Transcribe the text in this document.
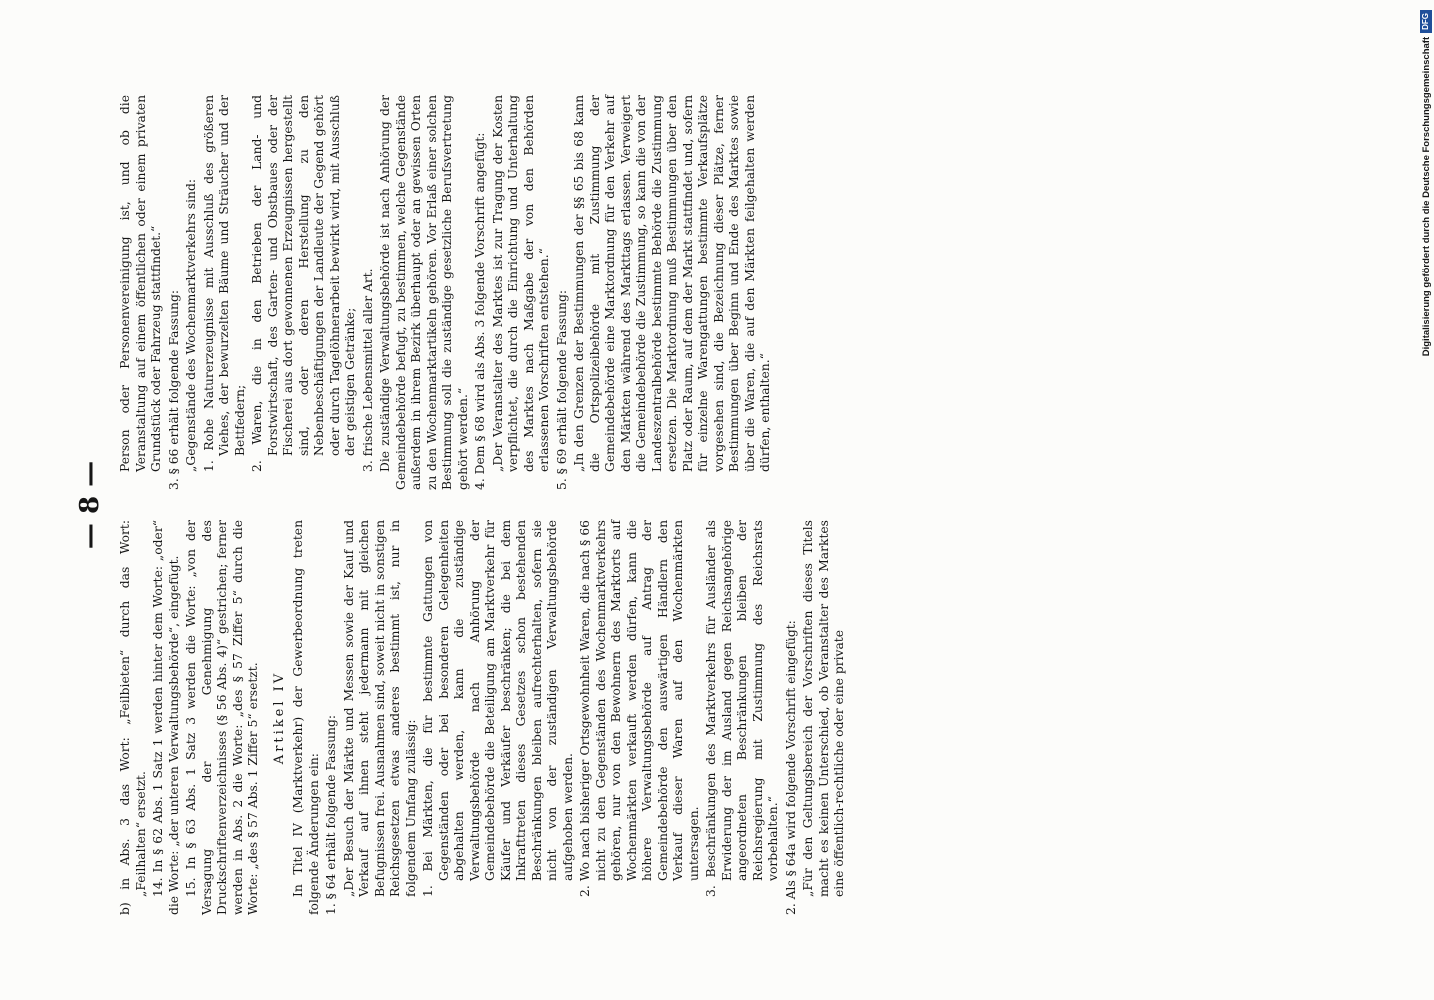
— 8 —

b) in Abs. 3 das Wort: „Feilbieten“ durch das Wort: „Feilhalten“ ersetzt. 14. In § 62 Abs. 1 Satz 1 werden hinter dem Worte: „oder“ die Worte: „der unteren Verwaltungsbehörde“, eingefügt. 15. In § 63 Abs. 1 Satz 3 werden die Worte: „von der Versagung der Genehmigung des Druckschriftenverzeichnisses (§ 56 Abs. 4)“ gestrichen; ferner werden in Abs. 2 die Worte: „des § 57 Ziffer 5“ durch die Worte: „des § 57 Abs. 1 Ziffer 5“ ersetzt. Artikel IV In Titel IV (Marktverkehr) der Gewerbeordnung treten folgende Änderungen ein: 1. § 64 erhält folgende Fassung: „Der Besuch der Märkte und Messen sowie der Kauf und Verkauf auf ihnen steht jedermann mit gleichen Befugnissen frei. Ausnahmen sind, soweit nicht in sonstigen Reichsgesetzen etwas anderes bestimmt ist, nur in folgendem Umfang zulässig: 1. Bei Märkten, die für bestimmte Gattungen von Gegenständen oder bei besonderen Gelegenheiten abgehalten werden, kann die zuständige Verwaltungsbehörde nach Anhörung der Gemeindebehörde die Beteiligung am Marktverkehr für Käufer und Verkäufer beschränken; die bei dem Inkrafttreten dieses Gesetzes schon bestehenden Beschränkungen bleiben aufrechterhalten, sofern sie nicht von der zuständigen Verwaltungsbehörde aufgehoben werden. 2. Wo nach bisheriger Ortsgewohnheit Waren, die nach § 66 nicht zu den Gegenständen des Wochenmarktverkehrs gehören, nur von den Bewohnern des Marktorts auf Wochenmärkten verkauft werden dürfen, kann die höhere Verwaltungsbehörde auf Antrag der Gemeindebehörde den auswärtigen Händlern den Verkauf dieser Waren auf den Wochenmärkten untersagen. 3. Beschränkungen des Marktverkehrs für Ausländer als Erwiderung der im Ausland gegen Reichsangehörige angeordneten Beschränkungen bleiben der Reichsregierung mit Zustimmung des Reichsrats vorbehalten.“ 2. Als § 64a wird folgende Vorschrift eingefügt: „Für den Geltungsbereich der Vorschriften dieses Titels macht es keinen Unterschied, ob Veranstalter des Marktes eine öffentlich-rechtliche oder eine private

Person oder Personenvereinigung ist, und ob die Veranstaltung auf einem öffentlichen oder einem privaten Grundstück oder Fahrzeug stattfindet.“ 3. § 66 erhält folgende Fassung: „Gegenstände des Wochenmarktverkehrs sind: 1. Rohe Naturerzeugnisse mit Ausschluß des größeren Viehes, der bewurzelten Bäume und Sträucher und der Bettfedern; 2. Waren, die in den Betrieben der Land- und Forstwirtschaft, des Garten- und Obstbaues oder der Fischerei aus dort gewonnenen Erzeugnissen hergestellt sind, oder deren Herstellung zu den Nebenbeschäftigungen der Landleute der Gegend gehört oder durch Tagelöhnerarbeit bewirkt wird, mit Ausschluß der geistigen Getränke; 3. frische Lebensmittel aller Art. Die zuständige Verwaltungsbehörde ist nach Anhörung der Gemeindebehörde befugt, zu bestimmen, welche Gegenstände außerdem in ihrem Bezirk überhaupt oder an gewissen Orten zu den Wochenmarktartikeln gehören. Vor Erlaß einer solchen Bestimmung soll die zuständige gesetzliche Berufsvertretung gehört werden.“ 4. Dem § 68 wird als Abs. 3 folgende Vorschrift angefügt: „Der Veranstalter des Marktes ist zur Tragung der Kosten verpflichtet, die durch die Einrichtung und Unterhaltung des Marktes nach Maßgabe der von den Behörden erlassenen Vorschriften entstehen.“ 5. § 69 erhält folgende Fassung: „In den Grenzen der Bestimmungen der §§ 65 bis 68 kann die Ortspolizeibehörde mit Zustimmung der Gemeindebehörde eine Marktordnung für den Verkehr auf den Märkten während des Markttags erlassen. Verweigert die Gemeindebehörde die Zustimmung, so kann die von der Landeszentralbehörde bestimmte Behörde die Zustimmung ersetzen. Die Marktordnung muß Bestimmungen über den Platz oder Raum, auf dem der Markt stattfindet und, sofern für einzelne Warengattungen bestimmte Verkaufsplätze vorgesehen sind, die Bezeichnung dieser Plätze, ferner Bestimmungen über Beginn und Ende des Marktes sowie über die Waren, die auf den Märkten feilgehalten werden dürfen, enthalten.“

Digitalisierung gefördert durch die Deutsche ForschungsgemeinschaftDFG
